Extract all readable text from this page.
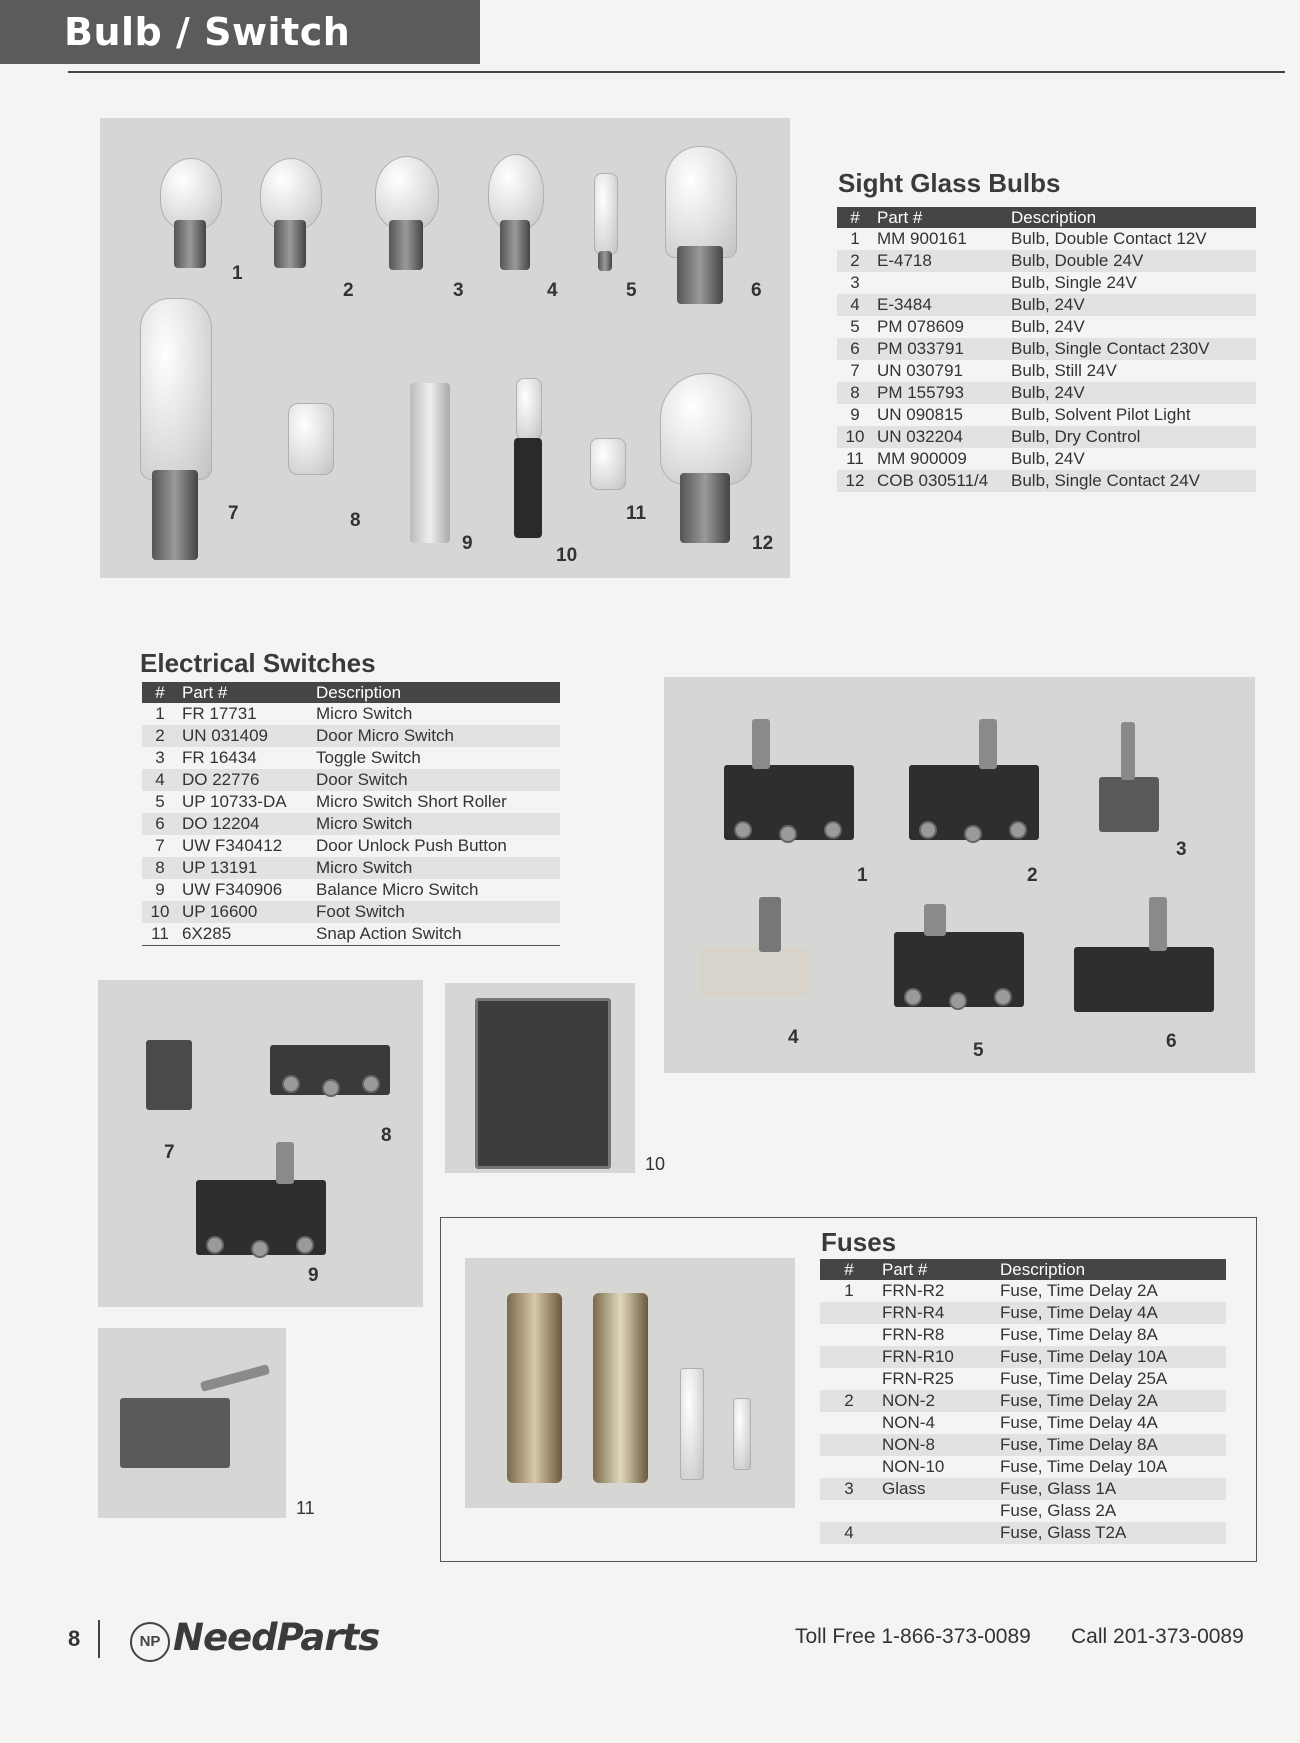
Bulb / Switch
1
2	3	4	5	6
7	8
9
10
11
12
Sight Glass Bulbs
#	Part #	Description
1	MM 900161	Bulb, Double Contact 12V
2	E-4718	Bulb, Double 24V
3		Bulb, Single 24V
4	E-3484	Bulb, 24V
5	PM 078609	Bulb, 24V
6	PM 033791	Bulb, Single Contact 230V
7	UN 030791	Bulb, Still 24V
8	PM 155793	Bulb, 24V
9	UN 090815	Bulb, Solvent Pilot Light
10	UN 032204	Bulb, Dry Control
11	MM 900009	Bulb, 24V
12	COB 030511/4	Bulb, Single Contact 24V
Electrical Switches
#	Part #	Description
1	FR 17731	Micro Switch
2	UN 031409	Door Micro Switch
3	FR 16434	Toggle Switch
4	DO 22776	Door Switch
5	UP 10733-DA	Micro Switch Short Roller
6	DO 12204	Micro Switch
7	UW F340412	Door Unlock Push Button
8	UP 13191	Micro Switch
9	UW F340906	Balance Micro Switch
10	UP 16600	Foot Switch
11	6X285	Snap Action Switch
1	2
3
4
5	6
7
8
9
10
11
Fuses
#	Part #	Description
1	FRN-R2	Fuse, Time Delay 2A
	FRN-R4	Fuse, Time Delay 4A
	FRN-R8	Fuse, Time Delay 8A
	FRN-R10	Fuse, Time Delay 10A
	FRN-R25	Fuse, Time Delay 25A
2	NON-2	Fuse, Time Delay 2A
	NON-4	Fuse, Time Delay 4A
	NON-8	Fuse, Time Delay 8A
	NON-10	Fuse, Time Delay 10A
3	Glass	Fuse, Glass 1A
		Fuse, Glass 2A
4		Fuse, Glass T2A
8	NP NeedParts	Toll Free 1-866-373-0089 Call 201-373-0089
